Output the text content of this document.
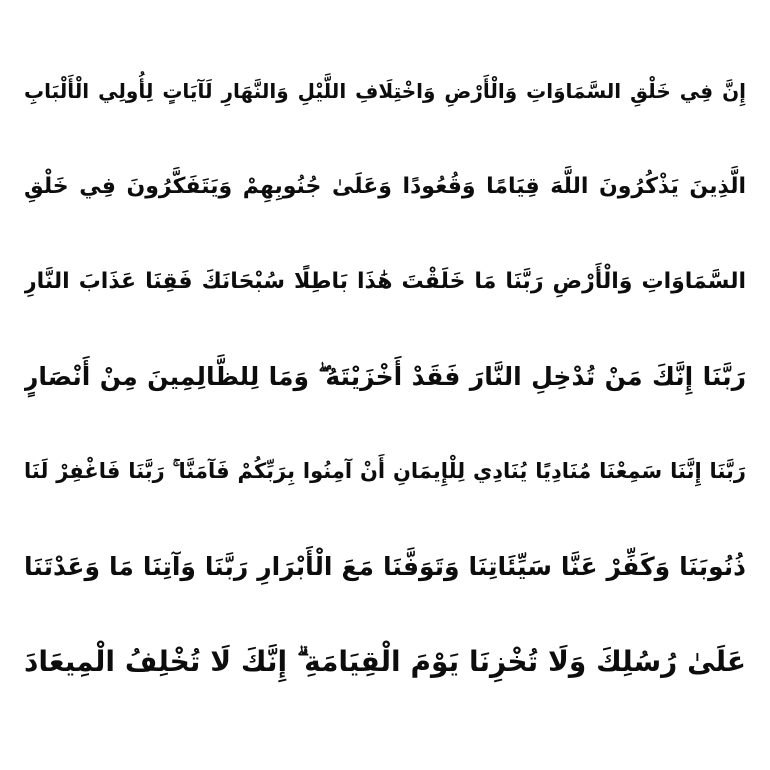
إِنَّ فِي خَلْقِ السَّمَاوَاتِ وَالْأَرْضِ وَاخْتِلَافِ اللَّيْلِ وَالنَّهَارِ لَآيَاتٍ لِأُولِي الْأَلْبَابِ
الَّذِينَ يَذْكُرُونَ اللَّهَ قِيَامًا وَقُعُودًا وَعَلَىٰ جُنُوبِهِمْ وَيَتَفَكَّرُونَ فِي خَلْقِ
السَّمَاوَاتِ وَالْأَرْضِ رَبَّنَا مَا خَلَقْتَ هَٰذَا بَاطِلًا سُبْحَانَكَ فَقِنَا عَذَابَ النَّارِ
رَبَّنَا إِنَّكَ مَنْ تُدْخِلِ النَّارَ فَقَدْ أَخْزَيْتَهُ ۖ وَمَا لِلظَّالِمِينَ مِنْ أَنْصَارٍ
رَبَّنَا إِنَّنَا سَمِعْنَا مُنَادِيًا يُنَادِي لِلْإِيمَانِ أَنْ آمِنُوا بِرَبِّكُمْ فَآمَنَّا ۚ رَبَّنَا فَاغْفِرْ لَنَا
ذُنُوبَنَا وَكَفِّرْ عَنَّا سَيِّئَاتِنَا وَتَوَفَّنَا مَعَ الْأَبْرَارِ رَبَّنَا وَآتِنَا مَا وَعَدْتَنَا
عَلَىٰ رُسُلِكَ وَلَا تُخْزِنَا يَوْمَ الْقِيَامَةِ ۗ إِنَّكَ لَا تُخْلِفُ الْمِيعَادَ
